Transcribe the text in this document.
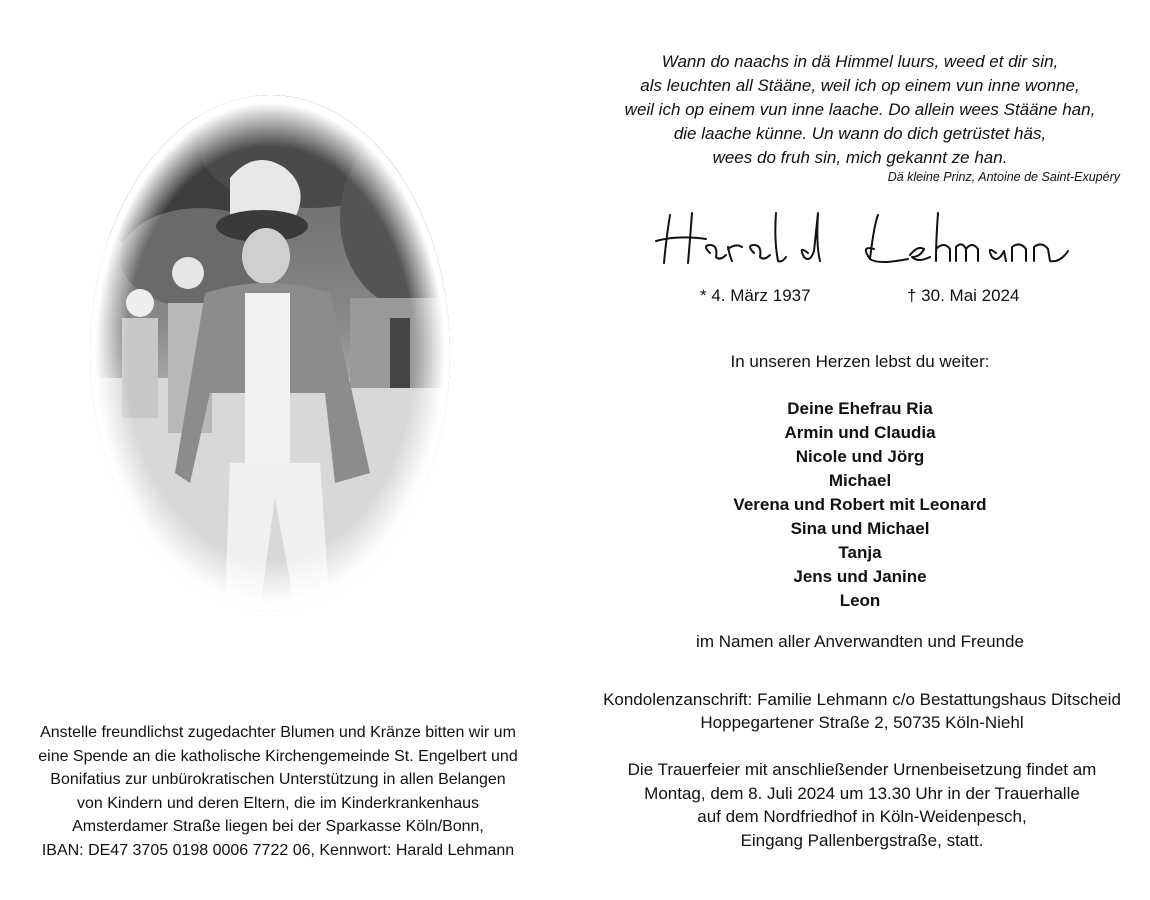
Wann do naachs in dä Himmel luurs, weed et dir sin,

als leuchten all Stääne, weil ich op einem vun inne wonne,

weil ich op einem vun inne laache. Do allein wees Stääne han,

die laache künne. Un wann do dich getrüstet häs,

wees do fruh sin, mich gekannt ze han.

Dä kleine Prinz, Antoine de Saint-Exupéry
* 4. März 1937	† 30. Mai 2024
In unseren Herzen lebst du weiter:
Deine Ehefrau Ria
Armin und Claudia
Nicole und Jörg
Michael
Verena und Robert mit Leonard
Sina und Michael
Tanja
Jens und Janine
Leon
im Namen aller Anverwandten und Freunde
Kondolenzanschrift: Familie Lehmann c/o Bestattungshaus Ditscheid
Hoppegartener Straße 2, 50735 Köln-Niehl
Die Trauerfeier mit anschließender Urnenbeisetzung findet am
Montag, dem 8. Juli 2024 um 13.30 Uhr in der Trauerhalle
auf dem Nordfriedhof in Köln-Weidenpesch,
Eingang Pallenbergstraße, statt.
Anstelle freundlichst zugedachter Blumen und Kränze bitten wir um
eine Spende an die katholische Kirchengemeinde St. Engelbert und
Bonifatius zur unbürokratischen Unterstützung in allen Belangen
von Kindern und deren Eltern, die im Kinderkrankenhaus
Amsterdamer Straße liegen bei der Sparkasse Köln/Bonn,
IBAN: DE47 3705 0198 0006 7722 06, Kennwort: Harald Lehmann
